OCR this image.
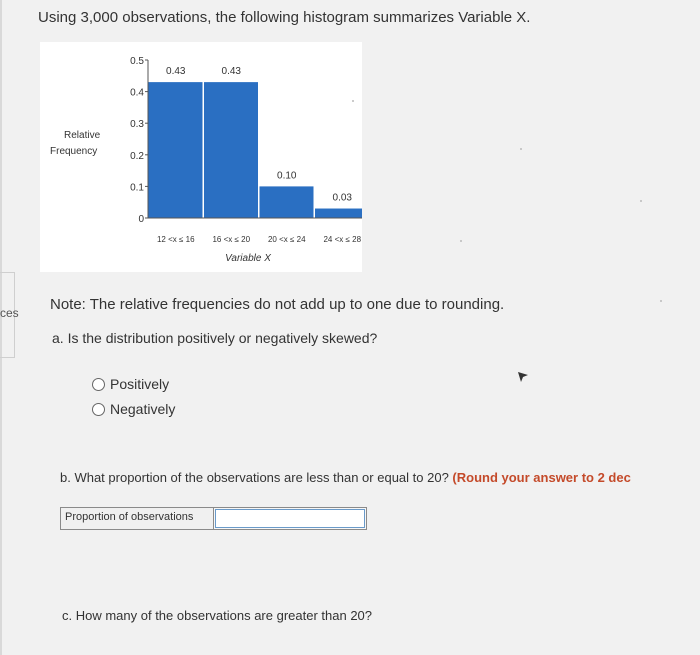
ces
Using 3,000 observations, the following histogram summarizes Variable X.
0
0.1
0.2
0.3
0.4
0.5
0.43	0.43
0.10
0.03
12 <x ≤ 16 16 <x ≤ 20 20 <x ≤ 24 24 <x ≤ 28
Relative
Frequency
Variable X
Note: The relative frequencies do not add up to one due to rounding.
a. Is the distribution positively or negatively skewed?
Positively
Negatively
b. What proportion of the observations are less than or equal to 20? (Round your answer to 2 dec
Proportion of observations
c. How many of the observations are greater than 20?
